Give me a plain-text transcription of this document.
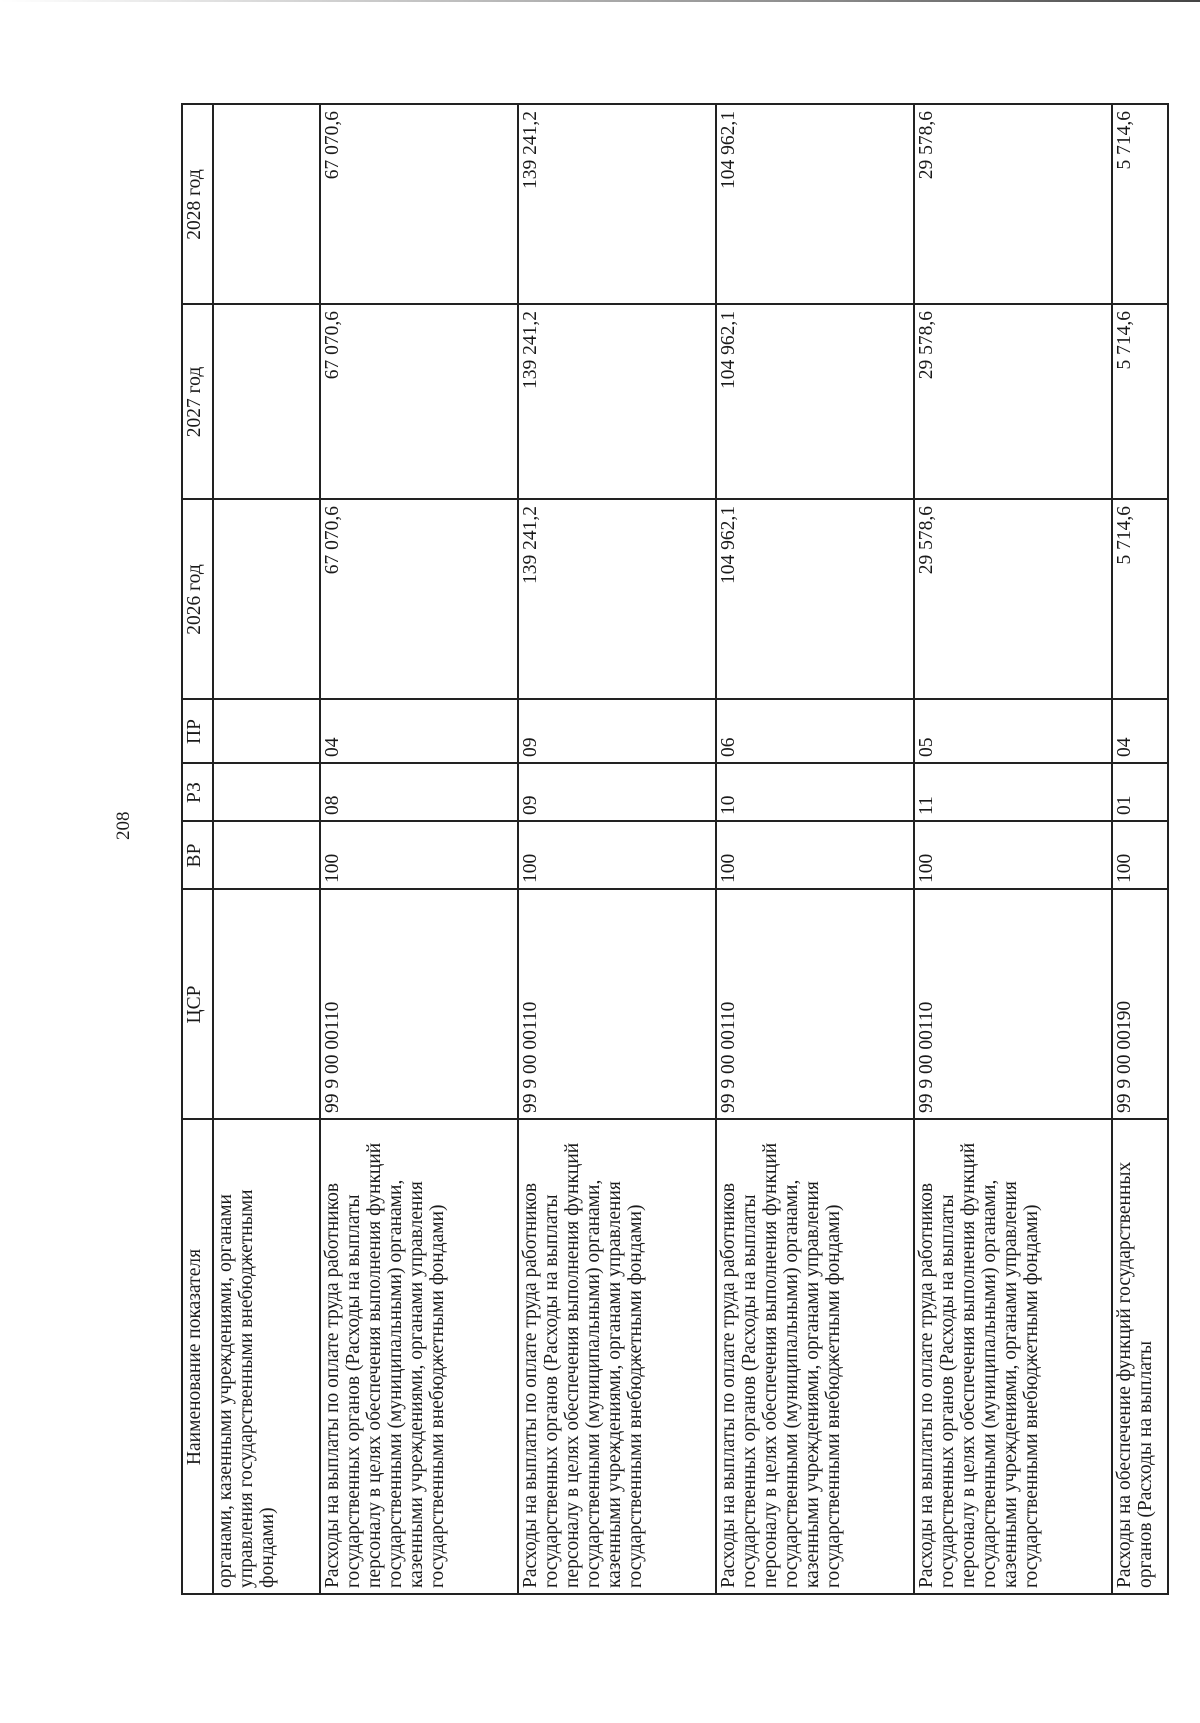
208
Наименование показателя	ЦСР	ВР	РЗ	ПР	2026 год	2027 год	2028 год
органами, казенными учреждениями, органами управления государственными внебюджетными фондами)							
Расходы на выплаты по оплате труда работников государственных органов (Расходы на выплаты персоналу в целях обеспечения выполнения функций государственными (муниципальными) органами, казенными учреждениями, органами управления государственными внебюджетными фондами)	99 9 00 00110	100	08	04	67 070,6	67 070,6	67 070,6
Расходы на выплаты по оплате труда работников государственных органов (Расходы на выплаты персоналу в целях обеспечения выполнения функций государственными (муниципальными) органами, казенными учреждениями, органами управления государственными внебюджетными фондами)	99 9 00 00110	100	09	09	139 241,2	139 241,2	139 241,2
Расходы на выплаты по оплате труда работников государственных органов (Расходы на выплаты персоналу в целях обеспечения выполнения функций государственными (муниципальными) органами, казенными учреждениями, органами управления государственными внебюджетными фондами)	99 9 00 00110	100	10	06	104 962,1	104 962,1	104 962,1
Расходы на выплаты по оплате труда работников государственных органов (Расходы на выплаты персоналу в целях обеспечения выполнения функций государственными (муниципальными) органами, казенными учреждениями, органами управления государственными внебюджетными фондами)	99 9 00 00110	100	11	05	29 578,6	29 578,6	29 578,6
Расходы на обеспечение функций государственных органов (Расходы на выплаты	99 9 00 00190	100	01	04	5 714,6	5 714,6	5 714,6
